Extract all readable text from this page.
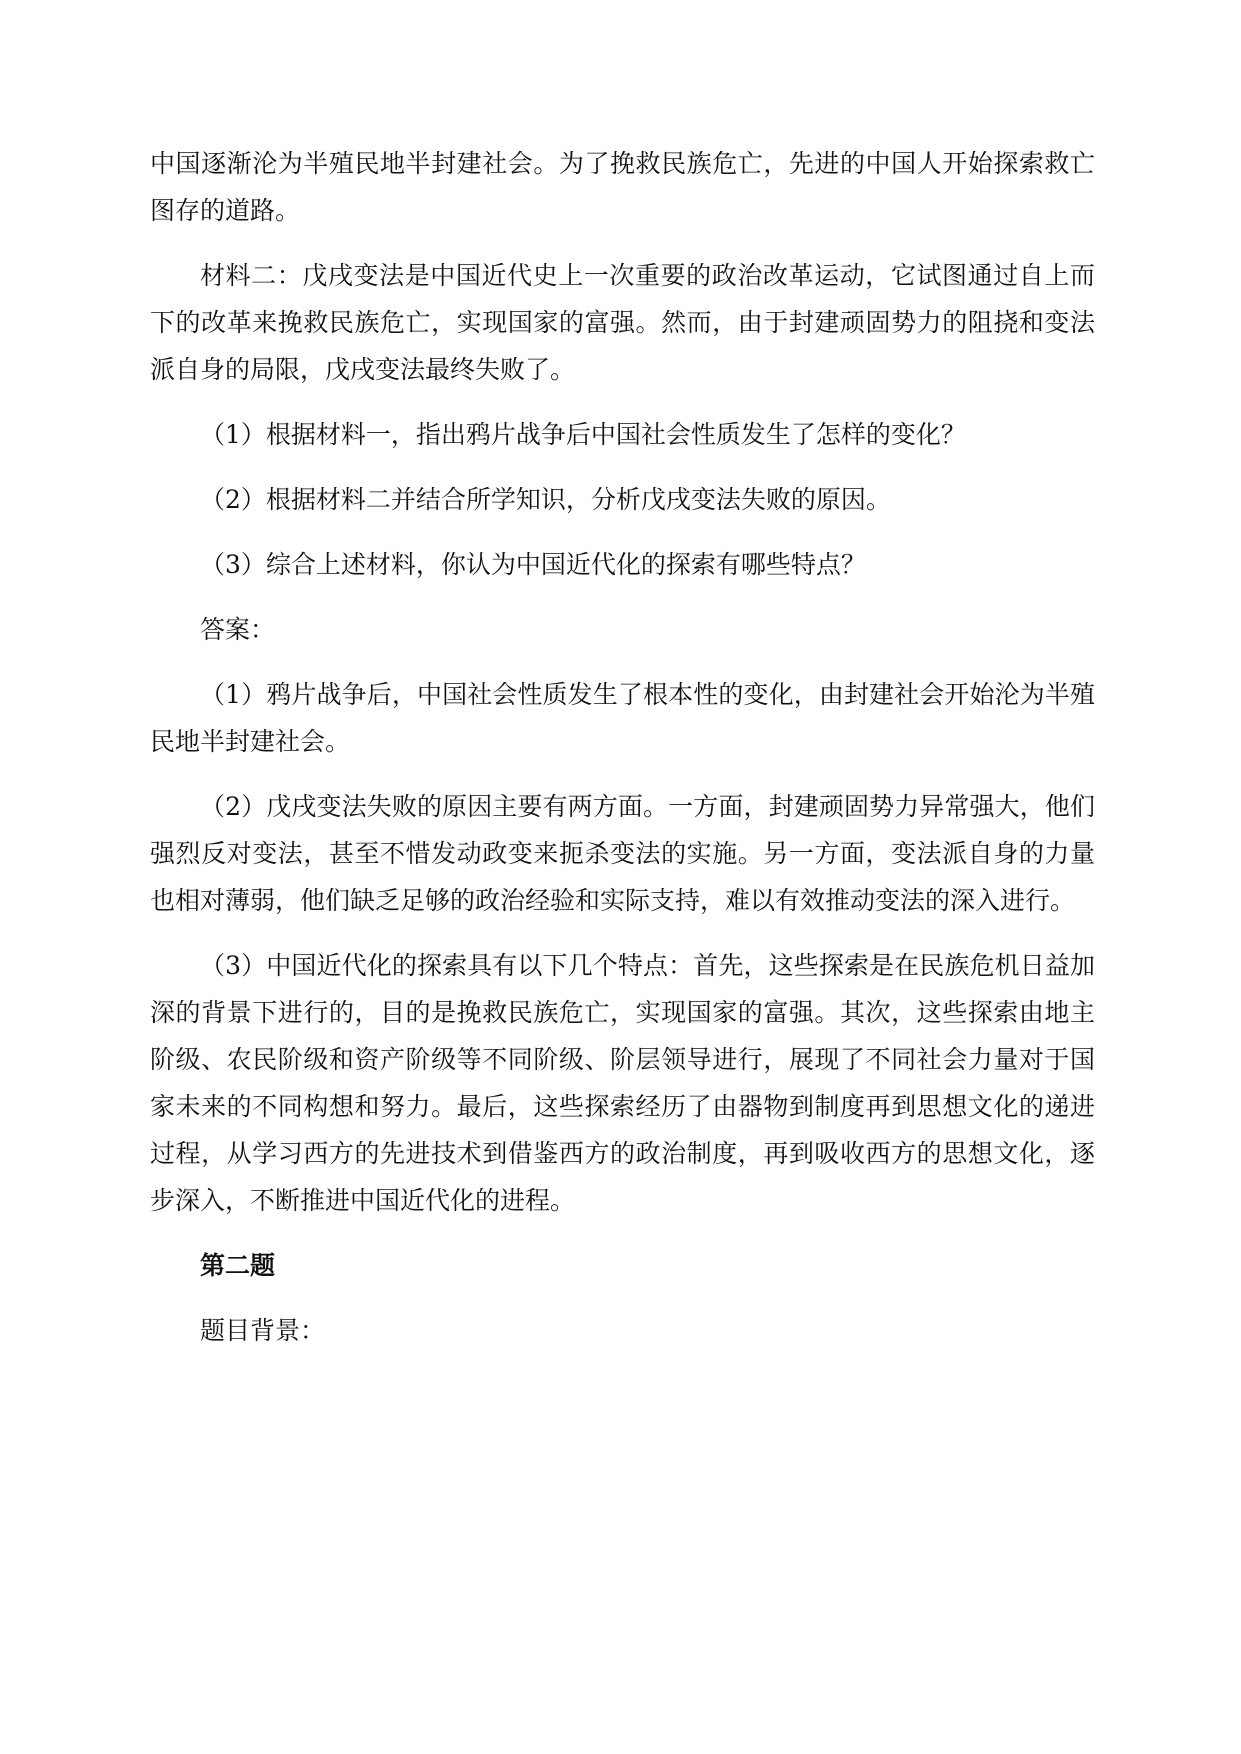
中国逐渐沦为半殖民地半封建社会。为了挽救民族危亡，先进的中国人开始探索救亡图存的道路。

材料二：戊戌变法是中国近代史上一次重要的政治改革运动，它试图通过自上而下的改革来挽救民族危亡，实现国家的富强。然而，由于封建顽固势力的阻挠和变法派自身的局限，戊戌变法最终失败了。

（1）根据材料一，指出鸦片战争后中国社会性质发生了怎样的变化？

（2）根据材料二并结合所学知识，分析戊戌变法失败的原因。

（3）综合上述材料，你认为中国近代化的探索有哪些特点？

答案：

（1）鸦片战争后，中国社会性质发生了根本性的变化，由封建社会开始沦为半殖民地半封建社会。

（2）戊戌变法失败的原因主要有两方面。一方面，封建顽固势力异常强大，他们强烈反对变法，甚至不惜发动政变来扼杀变法的实施。另一方面，变法派自身的力量也相对薄弱，他们缺乏足够的政治经验和实际支持，难以有效推动变法的深入进行。

（3）中国近代化的探索具有以下几个特点：首先，这些探索是在民族危机日益加深的背景下进行的，目的是挽救民族危亡，实现国家的富强。其次，这些探索由地主阶级、农民阶级和资产阶级等不同阶级、阶层领导进行，展现了不同社会力量对于国家未来的不同构想和努力。最后，这些探索经历了由器物到制度再到思想文化的递进过程，从学习西方的先进技术到借鉴西方的政治制度，再到吸收西方的思想文化，逐步深入，不断推进中国近代化的进程。

第二题

题目背景：
